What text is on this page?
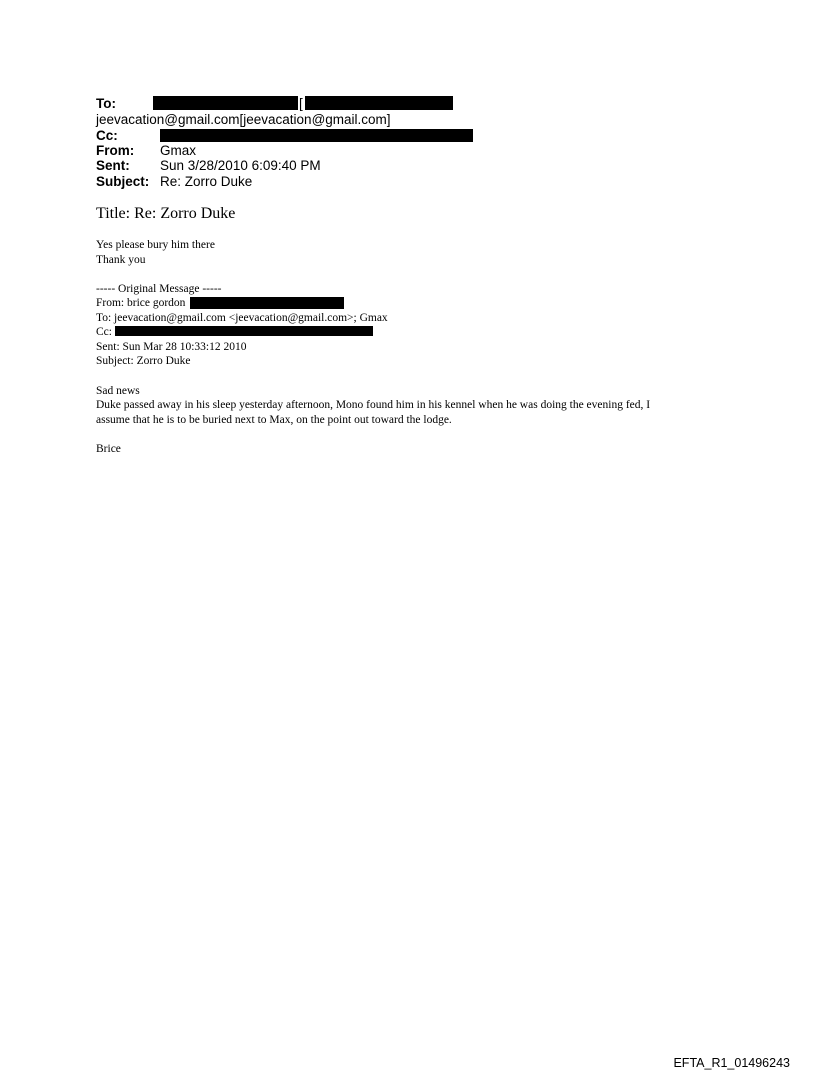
To:	[
jeevacation@gmail.com[jeevacation@gmail.com]
Cc:
From: Gmax
Sent: Sun 3/28/2010 6:09:40 PM
Subject: Re: Zorro Duke
Title: Re: Zorro Duke
Yes please bury him there
Thank you
----- Original Message -----
From: brice gordon
To: jeevacation@gmail.com <jeevacation@gmail.com>; Gmax
Cc:
Sent: Sun Mar 28 10:33:12 2010
Subject: Zorro Duke
Sad news
Duke passed away in his sleep yesterday afternoon, Mono found him in his kennel when he was doing the evening fed, I
assume that he is to be buried next to Max, on the point out toward the lodge.
Brice
EFTA_R1_01496243
